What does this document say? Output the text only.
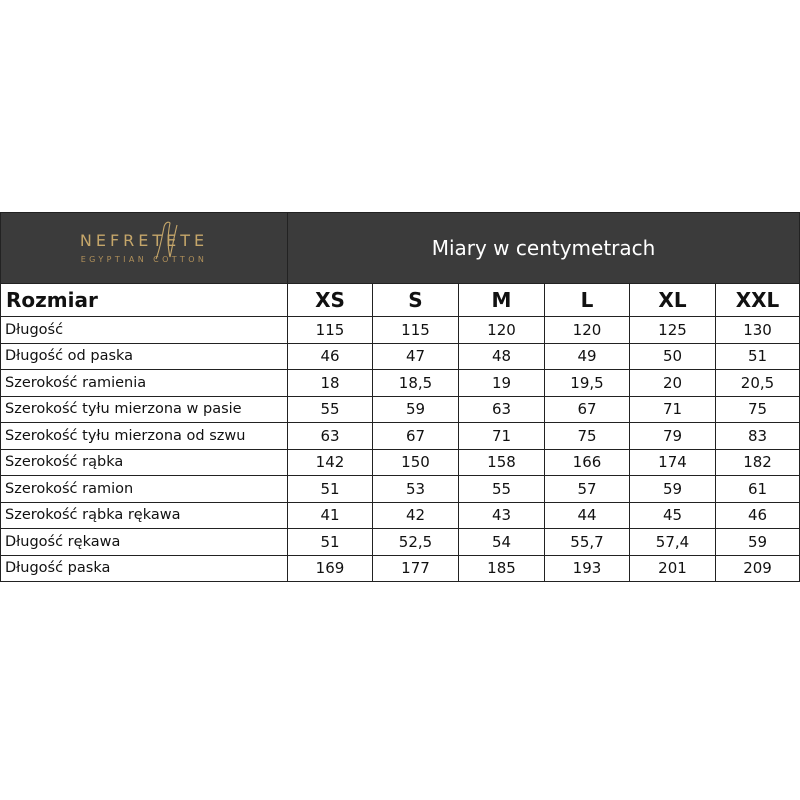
NEFRETETE
EGYPTIAN COTTON	Miary w centymetrach					
Rozmiar	XS	S	M	L	XL	XXL
Długość	115	115	120	120	125	130
Długość od paska	46	47	48	49	50	51
Szerokość ramienia	18	18,5	19	19,5	20	20,5
Szerokość tyłu mierzona w pasie	55	59	63	67	71	75
Szerokość tyłu mierzona od szwu	63	67	71	75	79	83
Szerokość rąbka	142	150	158	166	174	182
Szerokość ramion	51	53	55	57	59	61
Szerokość rąbka rękawa	41	42	43	44	45	46
Długość rękawa	51	52,5	54	55,7	57,4	59
Długość paska	169	177	185	193	201	209
